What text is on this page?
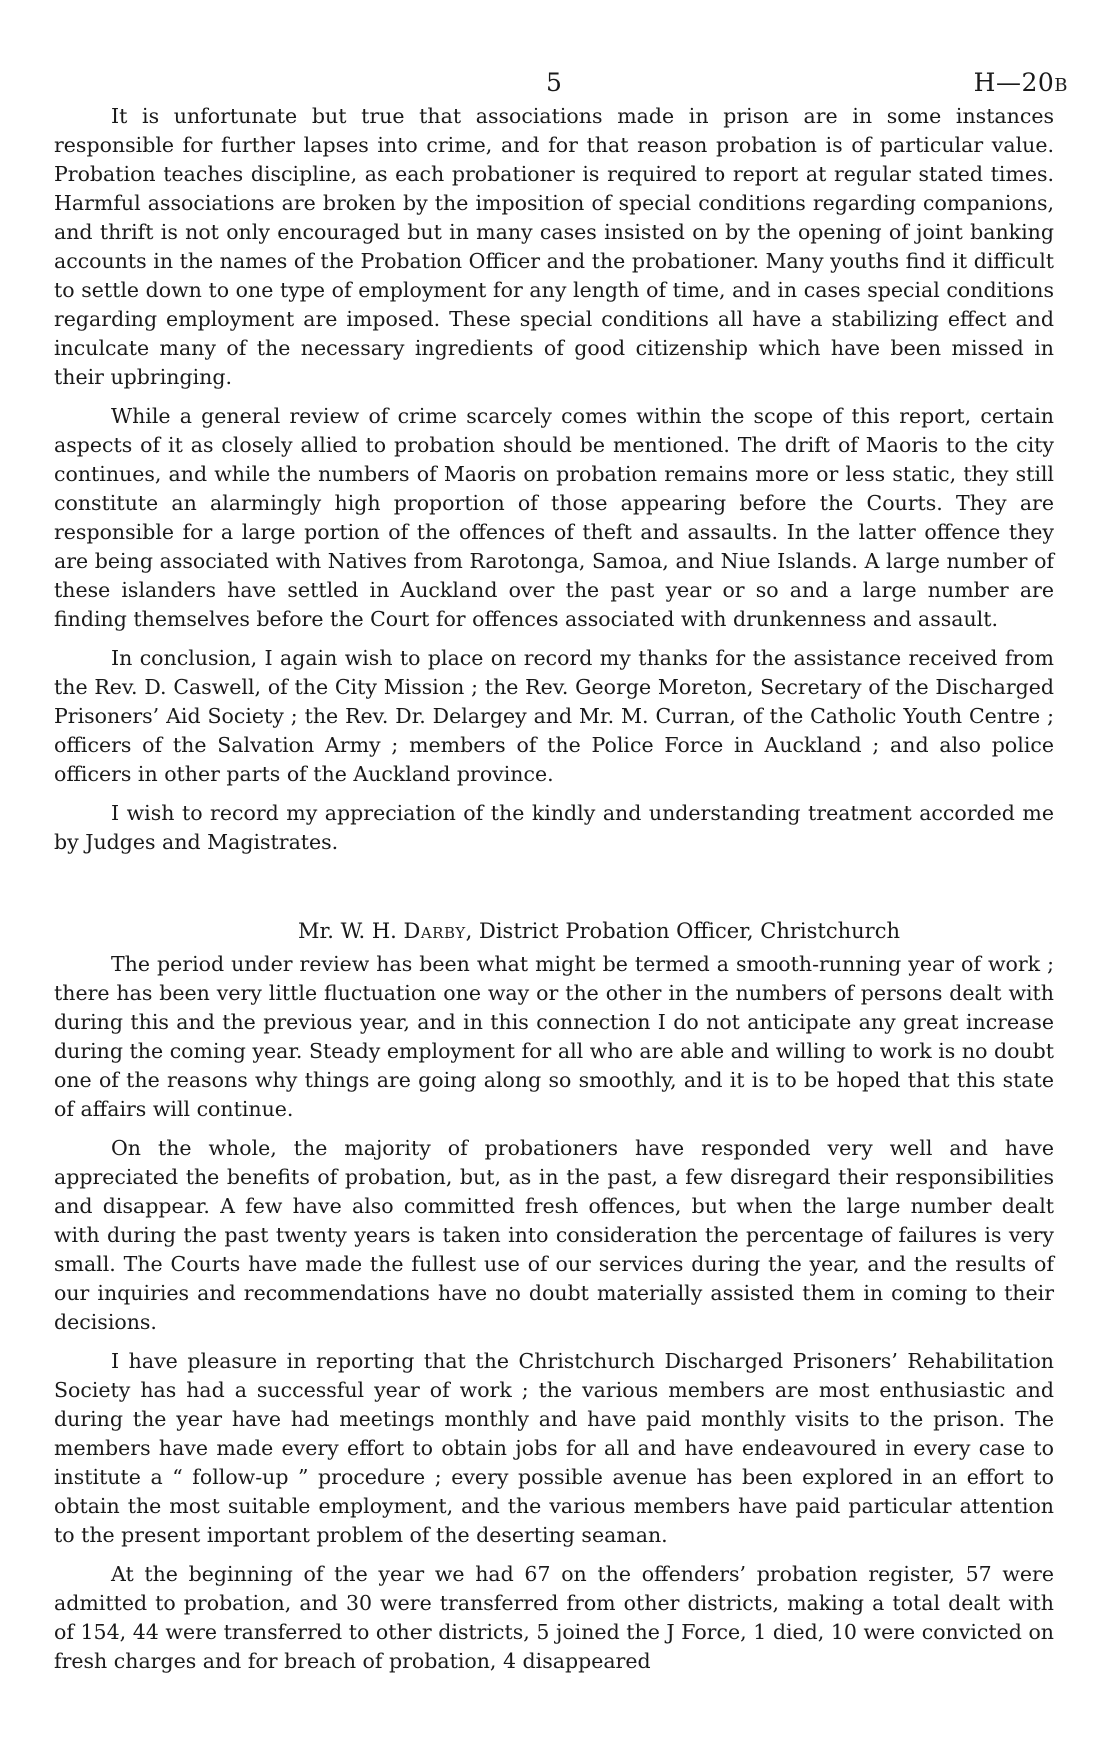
5	H—20B

It is unfortunate but true that associations made in prison are in some instances responsible for further lapses into crime, and for that reason probation is of particular value. Probation teaches discipline, as each probationer is required to report at regular stated times. Harmful associations are broken by the imposition of special conditions regarding companions, and thrift is not only encouraged but in many cases insisted on by the opening of joint banking accounts in the names of the Probation Officer and the probationer. Many youths find it difficult to settle down to one type of employment for any length of time, and in cases special conditions regarding employment are imposed. These special conditions all have a stabilizing effect and inculcate many of the necessary ingredients of good citizenship which have been missed in their upbringing.

While a general review of crime scarcely comes within the scope of this report, certain aspects of it as closely allied to probation should be mentioned. The drift of Maoris to the city continues, and while the numbers of Maoris on probation remains more or less static, they still constitute an alarmingly high proportion of those appearing before the Courts. They are responsible for a large portion of the offences of theft and assaults. In the latter offence they are being associated with Natives from Rarotonga, Samoa, and Niue Islands. A large number of these islanders have settled in Auckland over the past year or so and a large number are finding themselves before the Court for offences associated with drunkenness and assault.

In conclusion, I again wish to place on record my thanks for the assistance received from the Rev. D. Caswell, of the City Mission ; the Rev. George Moreton, Secretary of the Discharged Prisoners’ Aid Society ; the Rev. Dr. Delargey and Mr. M. Curran, of the Catholic Youth Centre ; officers of the Salvation Army ; members of the Police Force in Auckland ; and also police officers in other parts of the Auckland province.

I wish to record my appreciation of the kindly and understanding treatment accorded me by Judges and Magistrates.

Mr. W. H. Darby, District Probation Officer, Christchurch

The period under review has been what might be termed a smooth-running year of work ; there has been very little fluctuation one way or the other in the numbers of persons dealt with during this and the previous year, and in this connection I do not anticipate any great increase during the coming year. Steady employment for all who are able and willing to work is no doubt one of the reasons why things are going along so smoothly, and it is to be hoped that this state of affairs will continue.

On the whole, the majority of probationers have responded very well and have appreciated the benefits of probation, but, as in the past, a few disregard their responsibilities and disappear. A few have also committed fresh offences, but when the large number dealt with during the past twenty years is taken into consideration the percentage of failures is very small. The Courts have made the fullest use of our services during the year, and the results of our inquiries and recommendations have no doubt materially assisted them in coming to their decisions.

I have pleasure in reporting that the Christchurch Discharged Prisoners’ Rehabilitation Society has had a successful year of work ; the various members are most enthusiastic and during the year have had meetings monthly and have paid monthly visits to the prison. The members have made every effort to obtain jobs for all and have endeavoured in every case to institute a “ follow-up ” procedure ; every possible avenue has been explored in an effort to obtain the most suitable employment, and the various members have paid particular attention to the present important problem of the deserting seaman.

At the beginning of the year we had 67 on the offenders’ probation register, 57 were admitted to probation, and 30 were transferred from other districts, making a total dealt with of 154, 44 were transferred to other districts, 5 joined the J Force, 1 died, 10 were convicted on fresh charges and for breach of probation, 4 disappeared
